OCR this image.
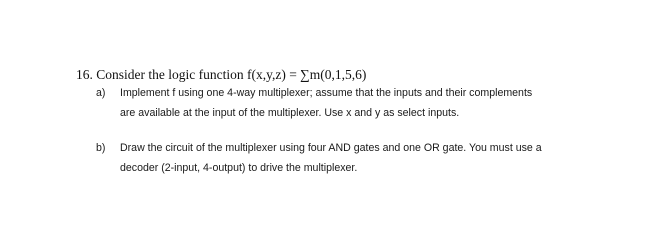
16. Consider the logic function f(x,y,z) = ∑m(0,1,5,6)
a) Implement f using one 4-way multiplexer; assume that the inputs and their complements
are available at the input of the multiplexer. Use x and y as select inputs.
b) Draw the circuit of the multiplexer using four AND gates and one OR gate. You must use a
decoder (2-input, 4-output) to drive the multiplexer.
